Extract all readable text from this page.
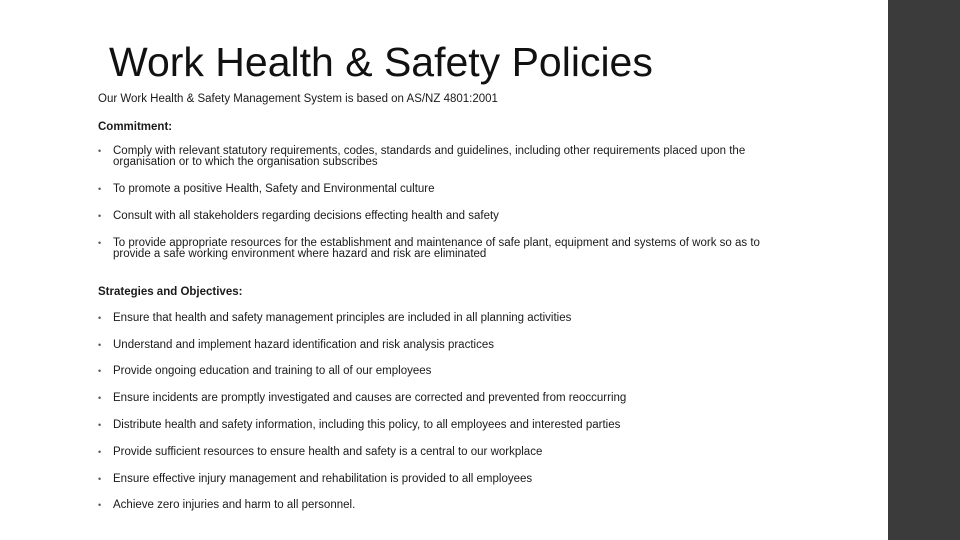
Work Health & Safety Policies
Our Work Health & Safety Management System is based on AS/NZ 4801:2001
Commitment:
• Comply with relevant statutory requirements, codes, standards and guidelines, including other requirements placed upon the organisation or to which the organisation subscribes
• To promote a positive Health, Safety and Environmental culture
• Consult with all stakeholders regarding decisions effecting health and safety
• To provide appropriate resources for the establishment and maintenance of safe plant, equipment and systems of work so as to provide a safe working environment where hazard and risk are eliminated
Strategies and Objectives:
• Ensure that health and safety management principles are included in all planning activities
• Understand and implement hazard identification and risk analysis practices
• Provide ongoing education and training to all of our employees
• Ensure incidents are promptly investigated and causes are corrected and prevented from reoccurring
• Distribute health and safety information, including this policy, to all employees and interested parties
• Provide sufficient resources to ensure health and safety is a central to our workplace
• Ensure effective injury management and rehabilitation is provided to all employees
• Achieve zero injuries and harm to all personnel.
